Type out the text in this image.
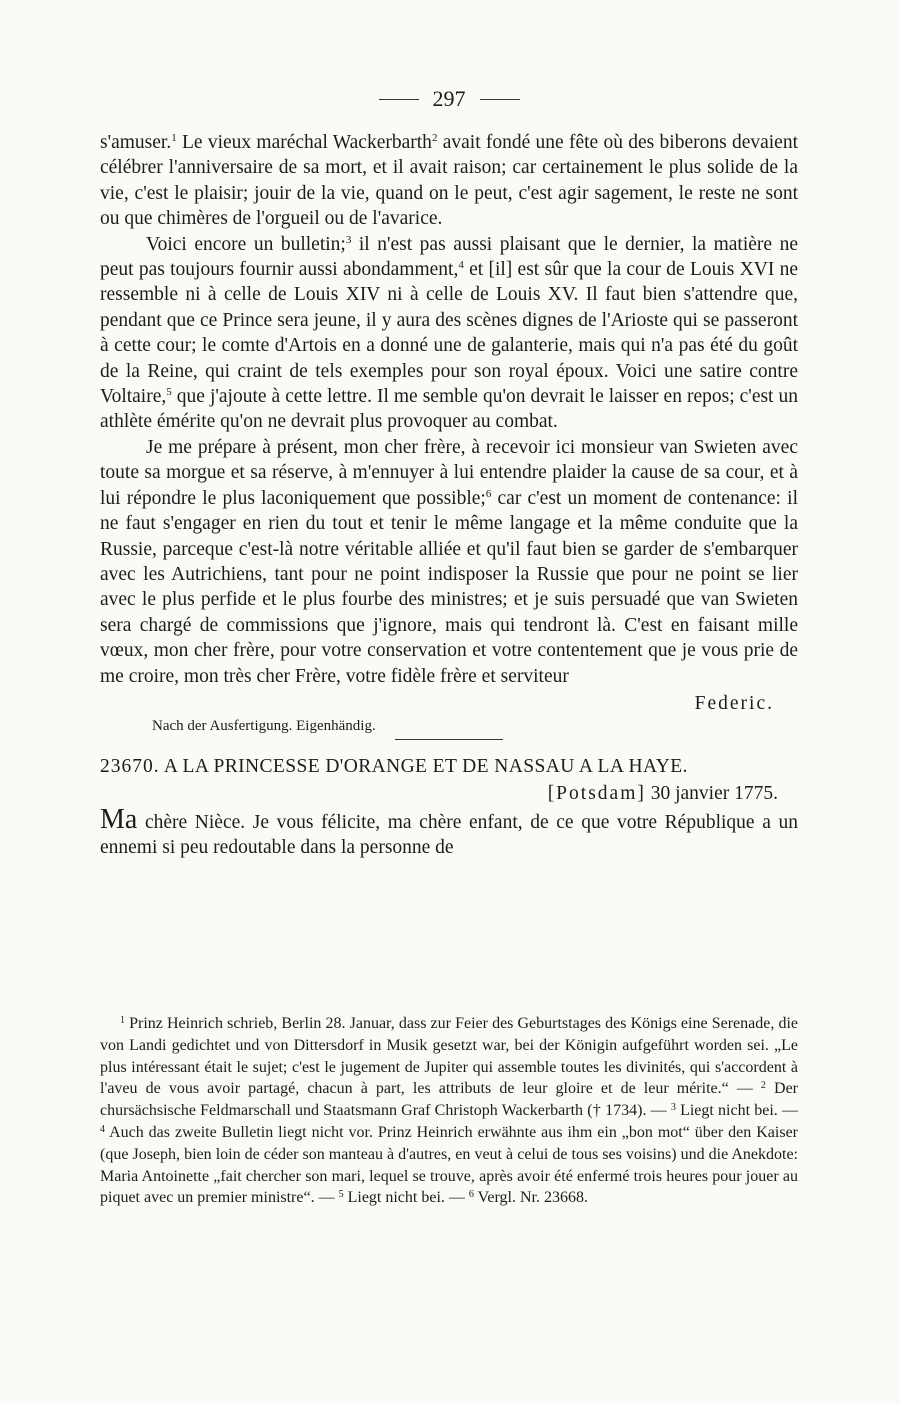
297

s'amuser.$^1$ Le vieux maréchal Wackerbarth$^2$ avait fondé une fête où des biberons devaient célébrer l'anniversaire de sa mort, et il avait raison; car certainement le plus solide de la vie, c'est le plaisir; jouir de la vie, quand on le peut, c'est agir sagement, le reste ne sont ou que chimères de l'orgueil ou de l'avarice.

Voici encore un bulletin;$^3$ il n'est pas aussi plaisant que le dernier, la matière ne peut pas toujours fournir aussi abondamment,$^4$ et [il] est sûr que la cour de Louis XVI ne ressemble ni à celle de Louis XIV ni à celle de Louis XV. Il faut bien s'attendre que, pendant que ce Prince sera jeune, il y aura des scènes dignes de l'Arioste qui se passeront à cette cour; le comte d'Artois en a donné une de galanterie, mais qui n'a pas été du goût de la Reine, qui craint de tels exemples pour son royal époux. Voici une satire contre Voltaire,$^5$ que j'ajoute à cette lettre. Il me semble qu'on devrait le laisser en repos; c'est un athlète émérite qu'on ne devrait plus provoquer au combat.

Je me prépare à présent, mon cher frère, à recevoir ici monsieur van Swieten avec toute sa morgue et sa réserve, à m'ennuyer à lui entendre plaider la cause de sa cour, et à lui répondre le plus laconiquement que possible;$^6$ car c'est un moment de contenance: il ne faut s'engager en rien du tout et tenir le même langage et la même conduite que la Russie, parceque c'est-là notre véritable alliée et qu'il faut bien se garder de s'embarquer avec les Autrichiens, tant pour ne point indisposer la Russie que pour ne point se lier avec le plus perfide et le plus fourbe des ministres; et je suis persuadé que van Swieten sera chargé de commissions que j'ignore, mais qui tendront là. C'est en faisant mille vœux, mon cher frère, pour votre conservation et votre contentement que je vous prie de me croire, mon très cher Frère, votre fidèle frère et serviteur

Federic.
Nach der Ausfertigung. Eigenhändig.
23670. A LA PRINCESSE D'ORANGE ET DE NASSAU A LA HAYE.
[Potsdam] 30 janvier 1775.

Ma chère Nièce. Je vous félicite, ma chère enfant, de ce que votre République a un ennemi si peu redoutable dans la personne de

$^1$ Prinz Heinrich schrieb, Berlin 28. Januar, dass zur Feier des Geburtstages des Königs eine Serenade, die von Landi gedichtet und von Dittersdorf in Musik gesetzt war, bei der Königin aufgeführt worden sei. „Le plus intéressant était le sujet; c'est le jugement de Jupiter qui assemble toutes les divinités, qui s'accordent à l'aveu de vous avoir partagé, chacun à part, les attributs de leur gloire et de leur mérite.“ — $^2$ Der chursächsische Feldmarschall und Staatsmann Graf Christoph Wackerbarth († 1734). — $^3$ Liegt nicht bei. — $^4$ Auch das zweite Bulletin liegt nicht vor. Prinz Heinrich erwähnte aus ihm ein „bon mot“ über den Kaiser (que Joseph, bien loin de céder son manteau à d'autres, en veut à celui de tous ses voisins) und die Anekdote: Maria Antoinette „fait chercher son mari, lequel se trouve, après avoir été enfermé trois heures pour jouer au piquet avec un premier ministre“. — $^5$ Liegt nicht bei. — $^6$ Vergl. Nr. 23668.
